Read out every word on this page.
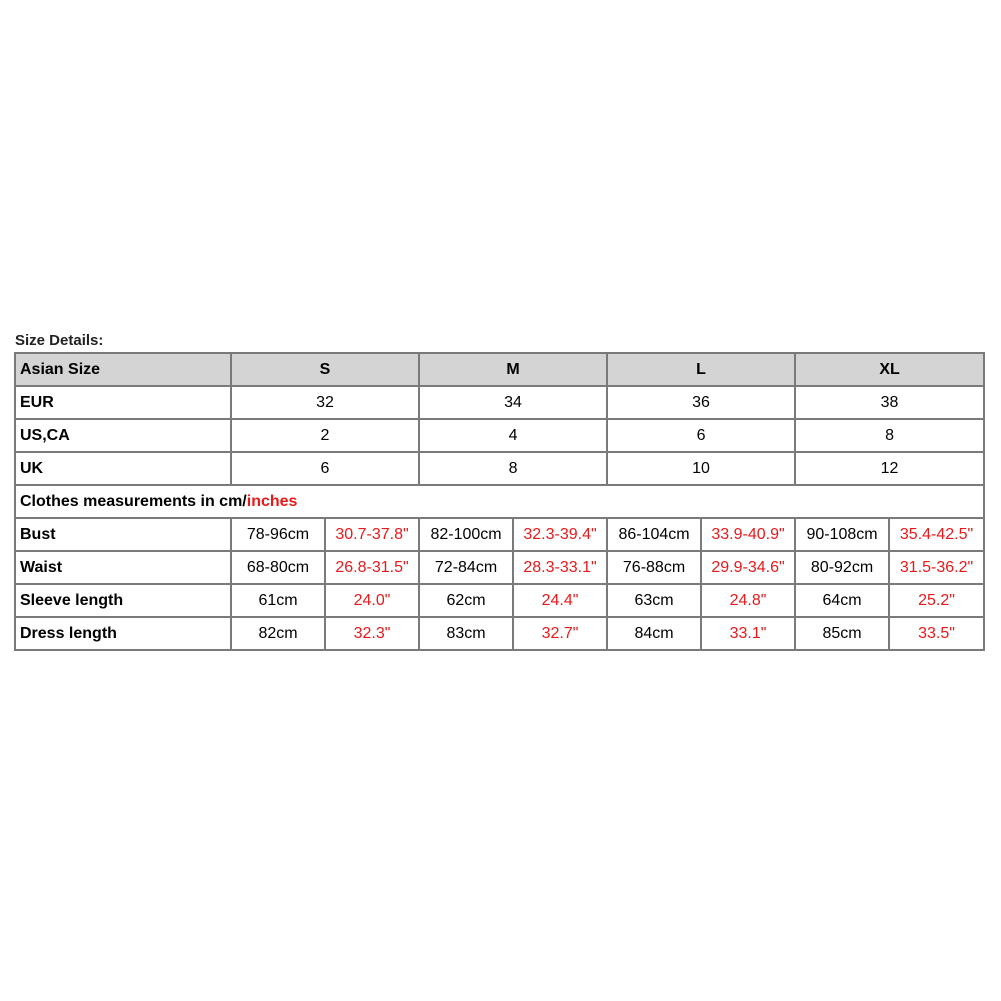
Size Details:
Asian Size	S		M		L		XL	
EUR	32		34		36		38	
US,CA	2		4		6		8	
UK	6		8		10		12	
Clothes measurements in cm/inches								
Bust	78-96cm	30.7-37.8"	82-100cm	32.3-39.4"	86-104cm	33.9-40.9"	90-108cm	35.4-42.5"
Waist	68-80cm	26.8-31.5"	72-84cm	28.3-33.1"	76-88cm	29.9-34.6"	80-92cm	31.5-36.2"
Sleeve length	61cm	24.0"	62cm	24.4"	63cm	24.8"	64cm	25.2"
Dress length	82cm	32.3"	83cm	32.7"	84cm	33.1"	85cm	33.5"
